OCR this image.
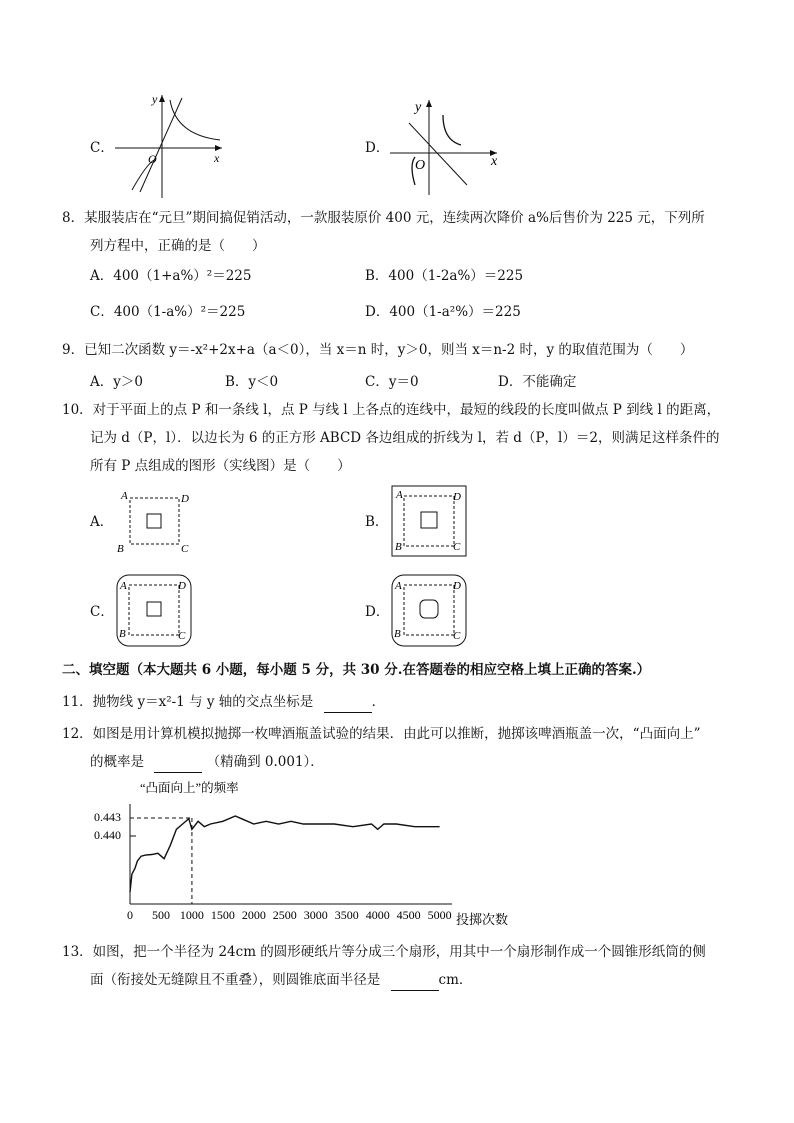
C．
y
x
O
D．
y
x
O
8．某服装店在“元旦”期间搞促销活动，一款服装原价 400 元，连续两次降价 a%后售价为 225 元，下列所
列方程中，正确的是（　　）
A．400（1+a%）²＝225	B．400（1-2a%）＝225
C．400（1-a%）²＝225	D．400（1-a²%）＝225
9．已知二次函数 y＝-x²+2x+a（a＜0），当 x＝n 时，y＞0，则当 x＝n-2 时，y 的取值范围为（　　）
A．y＞0	B．y＜0	C．y＝0	D．不能确定
10．对于平面上的点 P 和一条线 l，点 P 与线 l 上各点的连线中，最短的线段的长度叫做点 P 到线 l 的距离，
记为 d（P，l）．以边长为 6 的正方形 ABCD 各边组成的折线为 l，若 d（P，l）＝2，则满足这样条件的
所有 P 点组成的图形（实线图）是（　　）
A．
A	D
B	C
B．
A	D
B	C
C．
A	D
B	C
D．
A	D
B	C
二、填空题（本大题共 6 小题，每小题 5 分，共 30 分.在答题卷的相应空格上填上正确的答案.）
11．抛物线 y＝x²-1 与 y 轴的交点坐标是	．
12．如图是用计算机模拟抛掷一枚啤酒瓶盖试验的结果．由此可以推断，抛掷该啤酒瓶盖一次，“凸面向上”
的概率是	（精确到 0.001）．
“凸面向上”的频率
0.440
0.443
0 500 1000 1500 2000 2500 3000 3500 4000 4500 5000 投掷次数
13．如图，把一个半径为 24cm 的圆形硬纸片等分成三个扇形，用其中一个扇形制作成一个圆锥形纸筒的侧
面（衔接处无缝隙且不重叠），则圆锥底面半径是	cm．
